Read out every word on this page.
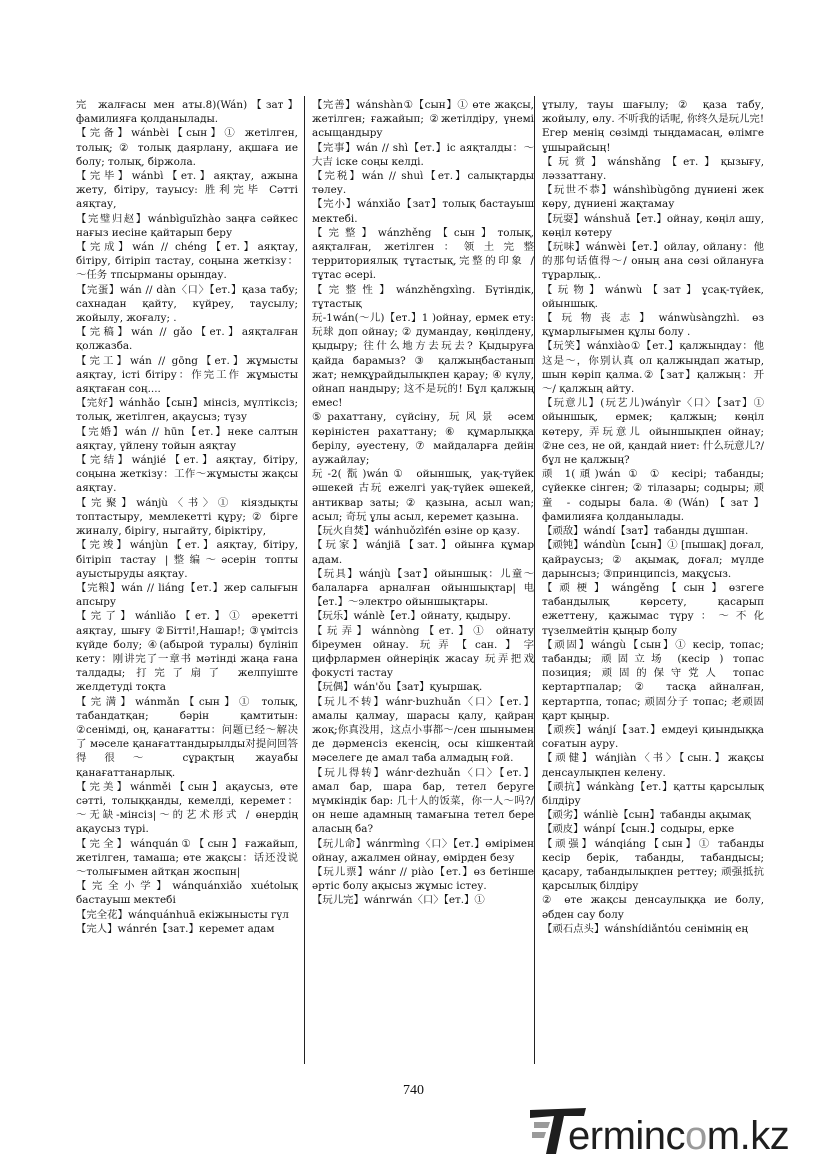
完 жалғасы мен аты.8)(Wán)【зат】фамилияға қолданылады.

【完备】wánbèi【сын】① жетілген, толық; ② толық даярлану, ақшаға ие болу; толық, біржола.

【完毕】wánbì【ет.】аяқтау, ажына жету, бітіру, тауысу: 胜利完毕 Сәтті аяқтау,

【完璧归赵】wánbìguīzhào заңға сәйкес нағыз иесіне қайтарып беру

【完成】wán // chéng【ет.】аяқтау, бітіру, бітіріп тастау, соңына жеткізу：～任务 тпсырманы орындау.

【完蛋】wán // dàn〈口〉【ет.】қаза табу; сахнадан қайту, күйреу, таусылу; жойылу, жоғалу; .

【完稿】wán // gǎo【ет.】аяқталған қолжазба.

【完工】wán // gōng【ет.】жұмысты аяқтау, істі бітіру：作完工作 жұмысты аяқтаған соң....

【完好】wánhǎo【сын】мінсіз, мүлтіксіз; толық, жетілген, ақаусыз; түзу

【完婚】wán // hūn【ет.】неке салтын аяқтау, үйлену тойын аяқтау

【完结】wánjié【ет.】аяқтау, бітіру, соңына жеткізу：工作～жұмысты жақсы аяқтау.

【完聚】wánjù〈书〉① кіяздықты топтастыру, мемлекетті құру; ② бірге жиналу, бірігу, ныгайту, біріктіру,

【完竣】wánjùn【ет.】аяқтау, бітіру, бітіріп тастау |整编～әсерін топты ауыстыруды аяқтау.

【完粮】wán // liáng【ет.】жер салығын апсыру

【完了】wánliǎo【ет.】① әрекетті аяқтау, шығу ②Бітті!,Нашар!; ③үмітсіз күйде болу; ④(абырой туралы) бүлініп кету：刚讲完了一章书 мәтінді жаңа ғана талдады; 打完了扇了 желпуіште желдетуді тоқта

【完满】wánmǎn【сын】① толық, табандатқан; бәрін қамтитын: ②сенімді, оң, қанағатты：问题已经～解决了 мәселе қанағаттандырылды对提问回答得很～ сұрақтың жауабы қанағаттанарлық.

【完美】wánměi【сын】ақаусыз, өте сәтті, толыққанды, кемелді, керемет：～无缺-мінсіз|～的艺术形式 / өнердің ақаусыз түрі.

【完全】wánquán①【сын】ғажайып, жетілген, тамаша; өте жақсы：话还没说～толығымен айтқан жоспын|

【完全小学】wánquánxiǎo xuétolық бастауыш мектебі

【完全花】wánquánhuā екіжынысты гүл

【完人】wánrén【зат.】керемет адам

【完善】wánshàn①【сын】① өте жақсы, жетілген; ғажайып; ②жетілдіру, үнемі асыщандыру

【完事】wán // shì【ет.】іс аяқталды：～大吉 іске соңы келді.

【完税】wán // shuì【ет.】салықтарды төлеу.

【完小】wánxiǎo【зат】толық бастауыш мектебі.

【完整】wánzhěng【сын】толық, аяқталған, жетілген：领土完整 территориялық тұтастық,完整的印象 /тұтас әсері.

【完整性】wánzhěngxìng. Бүтіндік, тұтастық

玩-1wán(～儿)【ет.】1 )ойнау, ермек ету: 玩球 доп ойнау; ② думандау, көңілдену, қыдыру; 往什么地方去玩去? Қыдыруға қайда барамыз? ③ қалжыңбастанып жат; немқұрайдылықпен қарау; ④ күлу, ойнап нандыру; 这不是玩的! Бұл қалжың емес!

⑤рахаттану, сүйсіну, 玩风景 әсем көріністен рахаттану; ⑥ құмарлыққа берілу, әуестену, ⑦ майдаларға дейін аужайлау;

玩-2(翫)wán① ойыншық, уақ-түйек әшекей 古玩 ежелгі уақ-түйек әшекей, антиквар заты; ② қазына, асыл wan; асыл; 奇玩 ұлы асыл, керемет қазына.

【玩火自焚】wánhuǒzìfén өзіне ор қазу.

【玩家】wánjiā【зат.】ойынға құмар адам.

【玩具】wánjù【зат】ойыншық：儿童～балаларға арналған ойыншықтар|电【ет.】～электро ойыншықтары.

【玩乐】wánlè【ет.】ойнату, қыдыру.

【玩弄】wánnòng【ет.】① ойнату біреумен ойнау. 玩弄【сан.】字 цифрлармен ойнеріңік жасау 玩弄把戏 фокусті тастау

【玩偶】wán'ǒu【зат】қуыршақ.

【玩儿不转】wánr·buzhuǎn〈口〉【ет.】амалы қалмау, шарасы қалу, қайран жоқ;你真没用，这点小事都～/сен шынымен де дәрменсіз екенсің, осы кішкентай мәселеге де амал таба алмадың ғой.

【玩儿得转】wánr·dezhuǎn〈口〉【ет.】амал бар, шара бар, тетел беруге мүмкіндік бар: 几十人的饭菜，你一人～吗?/ он неше адамның тамағына тетел бере алаcың ба?

【玩儿命】wánrmìng〈口〉【ет.】өмірімен ойнау, ажалмен ойнау, өмірден безу

【玩儿票】wánr // piào【ет.】өз бетінше әртіс болу ақысыз жұмыс істеу.

【玩儿完】wánrwán〈口〉【ет.】①

ұтылу, тауы шағылу; ② қаза табу, жойылу, өлу. 不听我的话呢, 你终久是玩儿完! Егер менің сөзімді тыңдамасаң, өлімге ұшырайсың!

【玩赏】wánshǎng【ет.】қызығу, ләззаттану.

【玩世不恭】wánshìbùgōng дүниені жек көру, дүниені жақтамау

【玩耍】wánshuǎ【ет.】ойнау, көңіл ашу, көңіл көтеру

【玩味】wánwèi【ет.】ойлау, ойлану：他的那句话值得～/ оның ана сөзі ойлануға тұрарлық..

【玩物】wánwù【зат】ұсақ-түйек, ойыншық.

【玩物丧志】wánwùsàngzhì. өз құмарлығымен құлы болу .

【玩笑】wánxiào①【ет.】қалжыңдау：他这是～，你别认真 ол қалжыңдап жатыр, шын көріп қалма.②【зат】қалжың：开～/ қалжың айту.

【玩意儿】(玩艺儿)wányìr〈口〉【зат】① ойыншық, ермек; қалжың; көңіл көтеру, 弄玩意儿 ойыншықпен ойнау; ②не сез, не ой, қандай ниет: 什么玩意儿?/бұл не қалжың?

顽 1(頑)wán ① ① кесірі; табанды; сүйекке сінген; ② тілазары; содыры; 顽童 - содыры бала.④(Wán)【зат】фамилияға қолданылады.

【顽敌】wándí【зат】табанды дұшпан.

【顽钝】wándùn【сын】① [пышақ] доғал, қайраусыз; ② ақымақ, доғал; мүлде дарынсыз; ③принципсіз, мақұсыз.

【顽梗】wángěng【сын】өзгеге табандылық көрсету, қасарып ежеттену, қажымас түру：～不化 түзелмейтін қыңыр болу

【顽固】wángù【сын】① кесір, топас; табанды; 顽固立场 (кесір ) топас позиция; 顽固的保守党人 топас кертартпалар; ② тасқа айналған, кертартпа, топас; 顽固分子 топас; 老顽固 қарт қыңыр.

【顽疾】wánjí【зат.】емдеуі қиындыққа соғатын ауру.

【顽健】wánjiàn〈书〉【сын.】жақсы денсаулықпен келену.

【顽抗】wánkàng【ет.】қатты қарсылық білдіру

【顽劣】wánliè【сын】табанды ақымақ

【顽皮】wánpí【сын.】содыры, ерке

【顽强】wánqiáng【сын】① табанды кесір берік, табанды, табандысы; қасару, табандылықпен реттеу; 顽强抵抗 қарсылық білдіру

② өте жақсы денсаулыққа ие болу, әбден сау болу

【顽石点头】wánshídiǎntóu сенімнің ең

740
ermincom.kz
